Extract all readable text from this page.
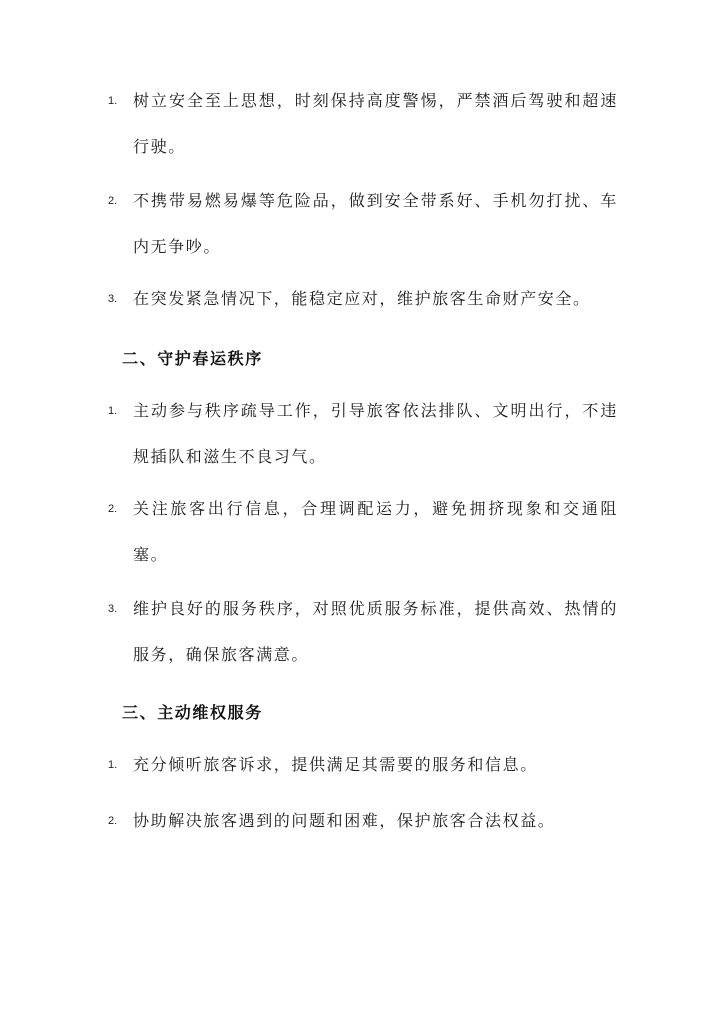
1. 树立安全至上思想，时刻保持高度警惕，严禁酒后驾驶和超速行驶。
2. 不携带易燃易爆等危险品，做到安全带系好、手机勿打扰、车内无争吵。
3. 在突发紧急情况下，能稳定应对，维护旅客生命财产安全。
二、守护春运秩序
1. 主动参与秩序疏导工作，引导旅客依法排队、文明出行，不违规插队和滋生不良习气。
2. 关注旅客出行信息，合理调配运力，避免拥挤现象和交通阻塞。
3. 维护良好的服务秩序，对照优质服务标准，提供高效、热情的服务，确保旅客满意。
三、主动维权服务
1. 充分倾听旅客诉求，提供满足其需要的服务和信息。
2. 协助解决旅客遇到的问题和困难，保护旅客合法权益。
